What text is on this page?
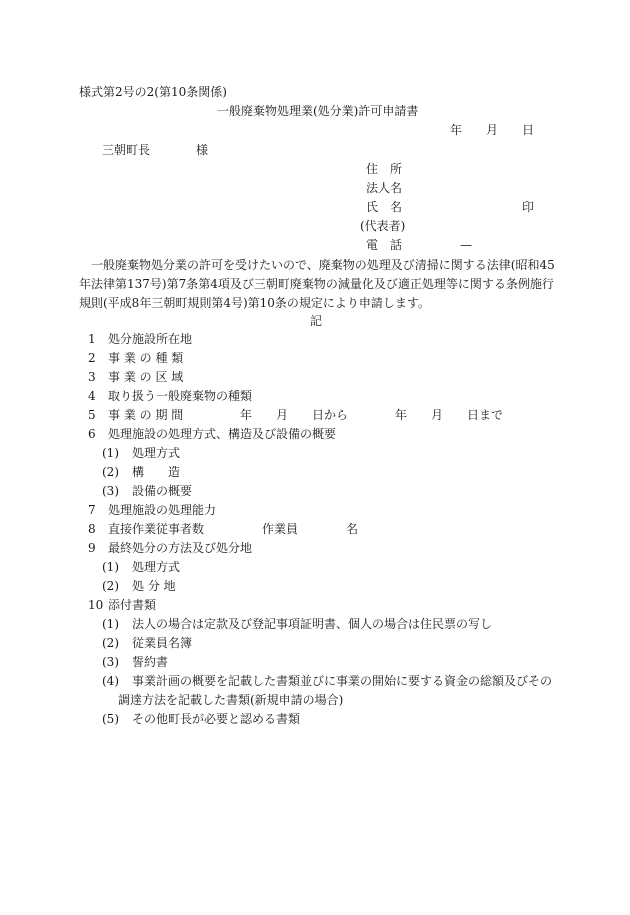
様式第2号の2(第10条関係)
一般廃棄物処理業(処分業)許可申請書
年 月 日
三朝町長	様
住　所
法人名
氏　名	印
(代表者)
電　話	—

一般廃棄物処分業の許可を受けたいので、廃棄物の処理及び清掃に関する法律(昭和45年法律第137号)第7条第4項及び三朝町廃棄物の減量化及び適正処理等に関する条例施行規則(平成8年三朝町規則第4号)第10条の規定により申請します。

記
1 処分施設所在地
2 事 業 の 種 類
3 事 業 の 区 域
4 取り扱う一般廃棄物の種類
5 事 業 の 期 間	年 月 日から	年 月 日まで
6 処理施設の処理方式、構造及び設備の概要
(1) 処理方式
(2) 構　　造
(3) 設備の概要
7 処理施設の処理能力
8 直接作業従事者数	作業員	名
9 最終処分の方法及び処分地
(1) 処理方式
(2) 処 分 地
10 添付書類
(1) 法人の場合は定款及び登記事項証明書、個人の場合は住民票の写し
(2) 従業員名簿
(3) 誓約書
(4) 事業計画の概要を記載した書類並びに事業の開始に要する資金の総額及びその
調達方法を記載した書類(新規申請の場合)
(5) その他町長が必要と認める書類
